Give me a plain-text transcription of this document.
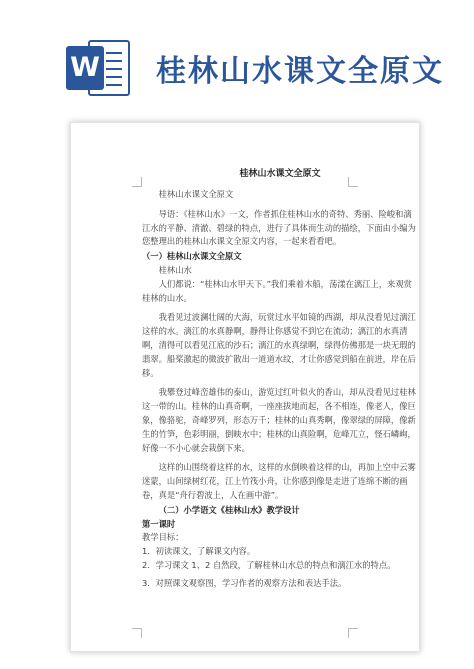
W 桂林山水课文全原文
桂林山水课文全原文
桂林山水课文全原文
导语：《桂林山水》一文，作者抓住桂林山水的奇特、秀丽、险峻和漓江水的平静、清澈、碧绿的特点，进行了具体而生动的描绘，下面由小编为您整理出的桂林山水课文全原文内容，一起来看看吧。
（一）桂林山水课文全原文
桂林山水
人们都说：“桂林山水甲天下。”我们乘着木船，荡漾在漓江上，来观赏桂林的山水。
我看见过波澜壮阔的大海，玩赏过水平如镜的西湖，却从没看见过漓江这样的水。漓江的水真静啊，静得让你感觉不到它在流动；漓江的水真清啊，清得可以看见江底的沙石；漓江的水真绿啊，绿得仿佛那是一块无瑕的翡翠。船桨激起的微波扩散出一道道水纹，才让你感觉到船在前进，岸在后移。
我攀登过峰峦雄伟的泰山，游览过红叶似火的香山，却从没看见过桂林这一带的山。桂林的山真奇啊，一座座拔地而起，各不相连，像老人，像巨象，像骆驼，奇峰罗列，形态万千；桂林的山真秀啊，像翠绿的屏障，像新生的竹笋，色彩明丽，倒映水中；桂林的山真险啊，危峰兀立，怪石嶙峋，好像一不小心就会栽倒下来。
这样的山围绕着这样的水，这样的水倒映着这样的山，再加上空中云雾迷蒙，山间绿树红花，江上竹筏小舟，让你感到像是走进了连绵不断的画卷，真是“舟行碧波上，人在画中游”。
（二）小学语文《桂林山水》教学设计
第一课时
教学目标：
1．初读课文，了解课文内容。
2．学习课文 1、2 自然段，了解桂林山水总的特点和漓江水的特点。
3．对照课文观察图，学习作者的观察方法和表达手法。
